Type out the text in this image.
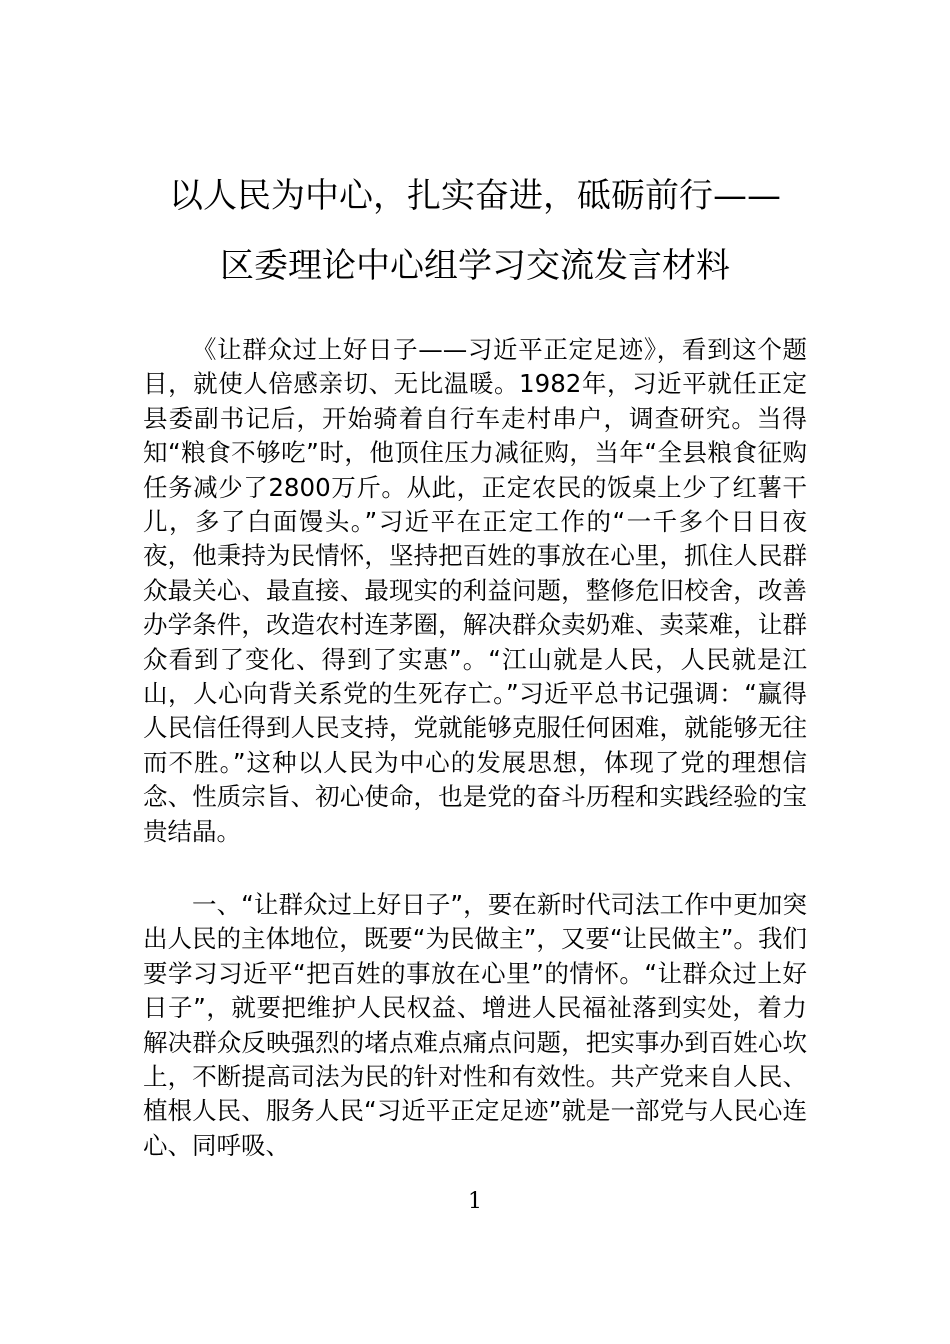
以人民为中心，扎实奋进，砥砺前行——
区委理论中心组学习交流发言材料

《让群众过上好日子——习近平正定足迹》，看到这个题目，就使人倍感亲切、无比温暖。1982年，习近平就任正定县委副书记后，开始骑着自行车走村串户，调查研究。当得知“粮食不够吃”时，他顶住压力减征购，当年“全县粮食征购任务减少了2800万斤。从此，正定农民的饭桌上少了红薯干儿，多了白面馒头。”习近平在正定工作的“一千多个日日夜夜，他秉持为民情怀，坚持把百姓的事放在心里，抓住人民群众最关心、最直接、最现实的利益问题，整修危旧校舍，改善办学条件，改造农村连茅圈，解决群众卖奶难、卖菜难，让群众看到了变化、得到了实惠”。“江山就是人民，人民就是江山，人心向背关系党的生死存亡。”习近平总书记强调：“赢得人民信任得到人民支持，党就能够克服任何困难，就能够无往而不胜。”这种以人民为中心的发展思想，体现了党的理想信念、性质宗旨、初心使命，也是党的奋斗历程和实践经验的宝贵结晶。

一、“让群众过上好日子”，要在新时代司法工作中更加突出人民的主体地位，既要“为民做主”，又要“让民做主”。我们要学习习近平“把百姓的事放在心里”的情怀。“让群众过上好日子”，就要把维护人民权益、增进人民福祉落到实处，着力解决群众反映强烈的堵点难点痛点问题，把实事办到百姓心坎上，不断提高司法为民的针对性和有效性。共产党来自人民、植根人民、服务人民“习近平正定足迹”就是一部党与人民心连心、同呼吸、

1
